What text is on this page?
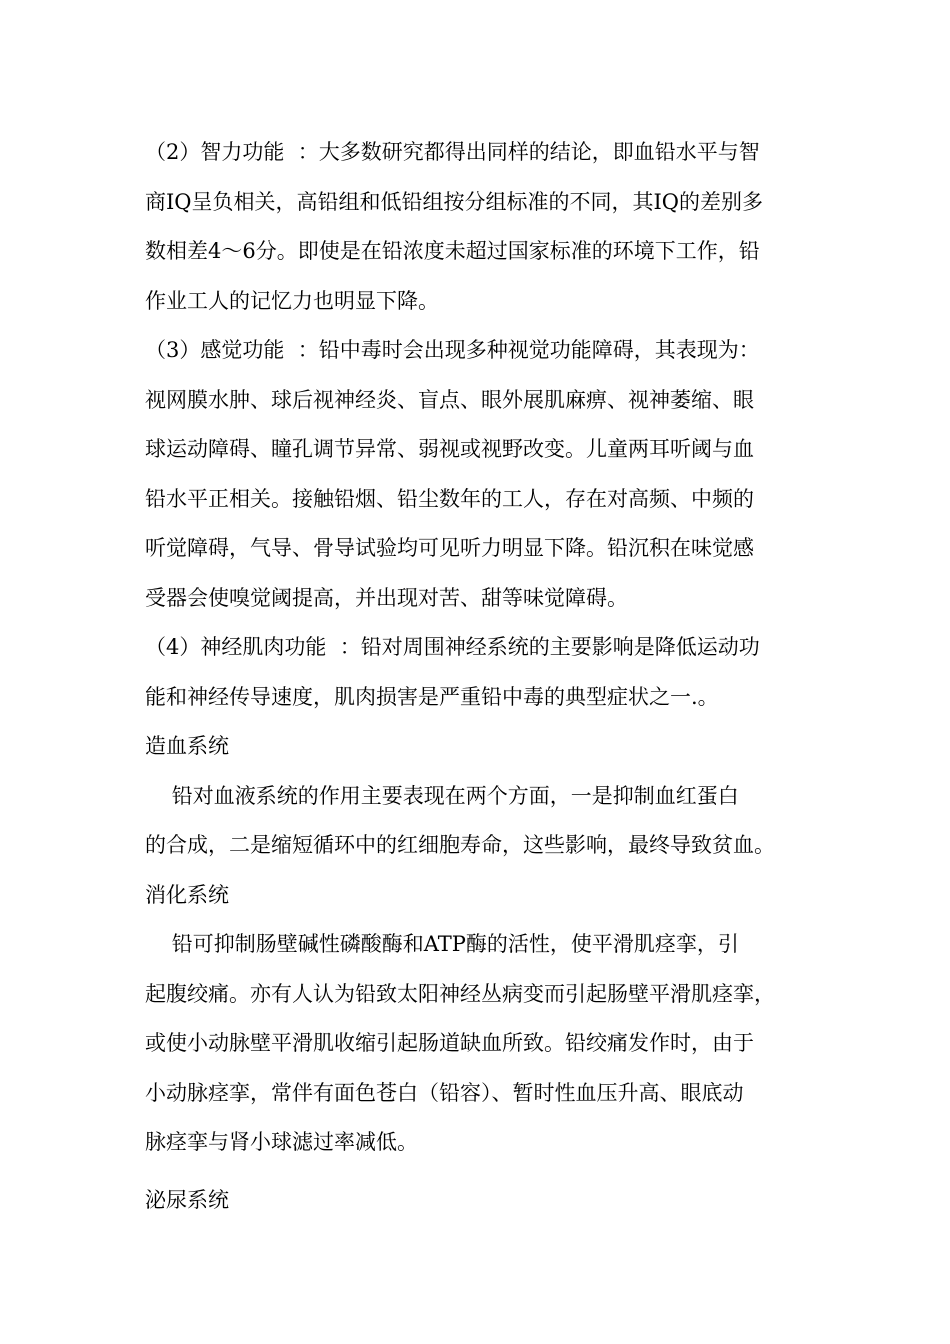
（2）智力功能  ：大多数研究都得出同样的结论，即血铅水平与智
商IQ呈负相关，高铅组和低铅组按分组标准的不同，其IQ的差别多
数相差4～6分。即使是在铅浓度未超过国家标准的环境下工作，铅
作业工人的记忆力也明显下降。
（3）感觉功能  ：铅中毒时会出现多种视觉功能障碍，其表现为：
视网膜水肿、球后视神经炎、盲点、眼外展肌麻痹、视神萎缩、眼
球运动障碍、瞳孔调节异常、弱视或视野改变。儿童两耳听阈与血
铅水平正相关。接触铅烟、铅尘数年的工人，存在对高频、中频的
听觉障碍，气导、骨导试验均可见听力明显下降。铅沉积在味觉感
受器会使嗅觉阈提高，并出现对苦、甜等味觉障碍。
（4）神经肌肉功能  ：铅对周围神经系统的主要影响是降低运动功
能和神经传导速度，肌肉损害是严重铅中毒的典型症状之一.。
造血系统
铅对血液系统的作用主要表现在两个方面，一是抑制血红蛋白
的合成，二是缩短循环中的红细胞寿命，这些影响，最终导致贫血。
消化系统
铅可抑制肠壁碱性磷酸酶和ATP酶的活性，使平滑肌痉挛，引
起腹绞痛。亦有人认为铅致太阳神经丛病变而引起肠壁平滑肌痉挛，
或使小动脉壁平滑肌收缩引起肠道缺血所致。铅绞痛发作时，由于
小动脉痉挛，常伴有面色苍白（铅容）、暂时性血压升高、眼底动
脉痉挛与肾小球滤过率减低。
泌尿系统
